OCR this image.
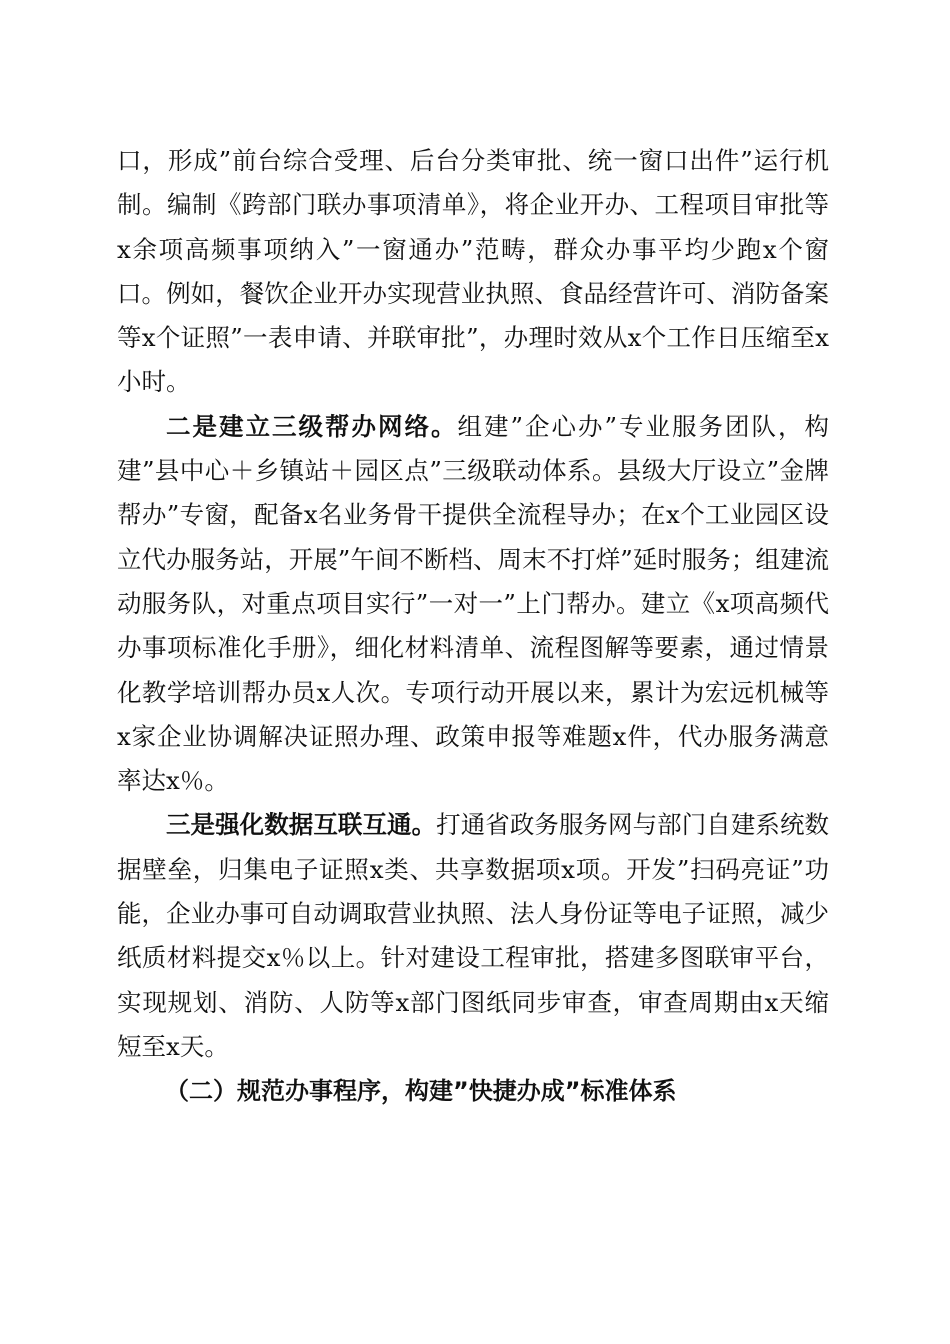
口，形成”前台综合受理、后台分类审批、统一窗口出件”运行机制。编制《跨部门联办事项清单》，将企业开办、工程项目审批等x余项高频事项纳入”一窗通办”范畴，群众办事平均少跑x个窗口。例如，餐饮企业开办实现营业执照、食品经营许可、消防备案等x个证照”一表申请、并联审批”，办理时效从x个工作日压缩至x小时。

二是建立三级帮办网络。组建”企心办”专业服务团队，构建”县中心＋乡镇站＋园区点”三级联动体系。县级大厅设立”金牌帮办”专窗，配备x名业务骨干提供全流程导办；在x个工业园区设立代办服务站，开展”午间不断档、周末不打烊”延时服务；组建流动服务队，对重点项目实行”一对一”上门帮办。建立《x项高频代办事项标准化手册》，细化材料清单、流程图解等要素，通过情景化教学培训帮办员x人次。专项行动开展以来，累计为宏远机械等x家企业协调解决证照办理、政策申报等难题x件，代办服务满意率达x％。

三是强化数据互联互通。打通省政务服务网与部门自建系统数据壁垒，归集电子证照x类、共享数据项x项。开发”扫码亮证”功能，企业办事可自动调取营业执照、法人身份证等电子证照，减少纸质材料提交x％以上。针对建设工程审批，搭建多图联审平台，实现规划、消防、人防等x部门图纸同步审查，审查周期由x天缩短至x天。

（二）规范办事程序，构建”快捷办成”标准体系
